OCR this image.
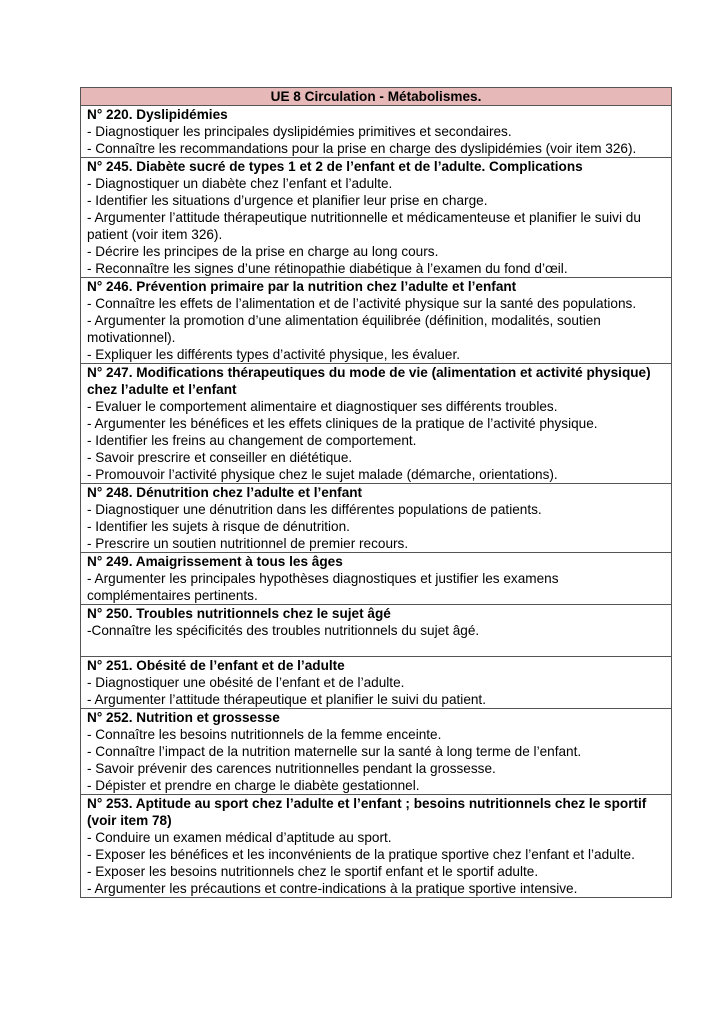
UE 8 Circulation - Métabolismes.
N° 220. Dyslipidémies
- Diagnostiquer les principales dyslipidémies primitives et secondaires.
- Connaître les recommandations pour la prise en charge des dyslipidémies (voir item 326).
N° 245. Diabète sucré de types 1 et 2 de l’enfant et de l’adulte. Complications
- Diagnostiquer un diabète chez l’enfant et l’adulte.
- Identifier les situations d’urgence et planifier leur prise en charge.
- Argumenter l’attitude thérapeutique nutritionnelle et médicamenteuse et planifier le suivi du patient (voir item 326).
- Décrire les principes de la prise en charge au long cours.
- Reconnaître les signes d’une rétinopathie diabétique à l’examen du fond d’œil.
N° 246. Prévention primaire par la nutrition chez l’adulte et l’enfant
- Connaître les effets de l’alimentation et de l’activité physique sur la santé des populations.
- Argumenter la promotion d’une alimentation équilibrée (définition, modalités, soutien motivationnel).
- Expliquer les différents types d’activité physique, les évaluer.
N° 247. Modifications thérapeutiques du mode de vie (alimentation et activité physique) chez l’adulte et l’enfant
- Evaluer le comportement alimentaire et diagnostiquer ses différents troubles.
- Argumenter les bénéfices et les effets cliniques de la pratique de l’activité physique.
- Identifier les freins au changement de comportement.
- Savoir prescrire et conseiller en diététique.
- Promouvoir l’activité physique chez le sujet malade (démarche, orientations).
N° 248. Dénutrition chez l’adulte et l’enfant
- Diagnostiquer une dénutrition dans les différentes populations de patients.
- Identifier les sujets à risque de dénutrition.
- Prescrire un soutien nutritionnel de premier recours.
N° 249. Amaigrissement à tous les âges
- Argumenter les principales hypothèses diagnostiques et justifier les examens complémentaires pertinents.
N° 250. Troubles nutritionnels chez le sujet âgé
-Connaître les spécificités des troubles nutritionnels du sujet âgé.
N° 251. Obésité de l’enfant et de l’adulte
- Diagnostiquer une obésité de l’enfant et de l’adulte.
- Argumenter l’attitude thérapeutique et planifier le suivi du patient.
N° 252. Nutrition et grossesse
- Connaître les besoins nutritionnels de la femme enceinte.
- Connaître l’impact de la nutrition maternelle sur la santé à long terme de l’enfant.
- Savoir prévenir des carences nutritionnelles pendant la grossesse.
- Dépister et prendre en charge le diabète gestationnel.
N° 253. Aptitude au sport chez l’adulte et l’enfant ; besoins nutritionnels chez le sportif (voir item 78)
- Conduire un examen médical d’aptitude au sport.
- Exposer les bénéfices et les inconvénients de la pratique sportive chez l’enfant et l’adulte.
- Exposer les besoins nutritionnels chez le sportif enfant et le sportif adulte.
- Argumenter les précautions et contre-indications à la pratique sportive intensive.
